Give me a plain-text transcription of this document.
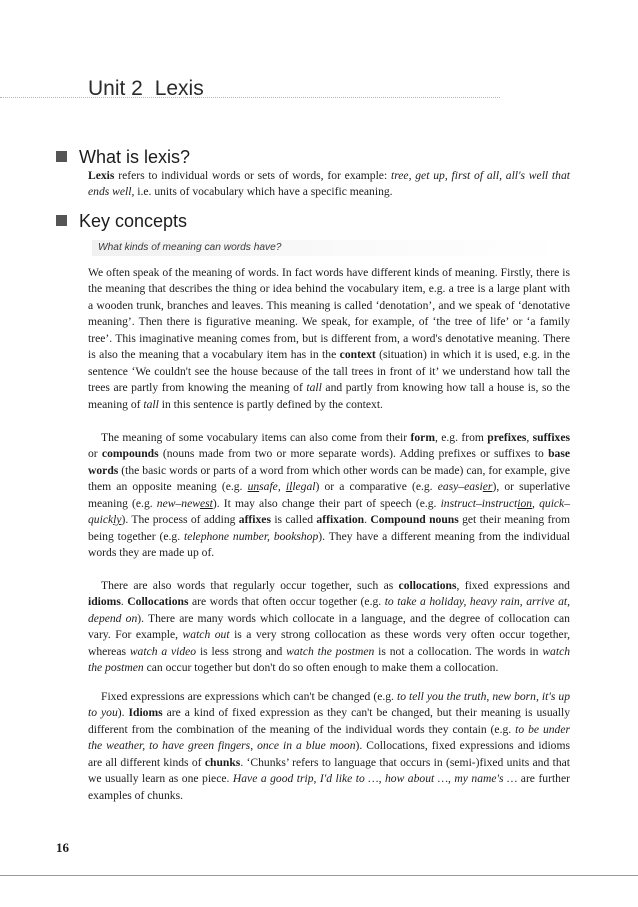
Unit 2 Lexis
What is lexis?

Lexis refers to individual words or sets of words, for example: tree, get up, first of all, all's well that ends well, i.e. units of vocabulary which have a specific meaning.

Key concepts
What kinds of meaning can words have?

We often speak of the meaning of words. In fact words have different kinds of meaning. Firstly, there is the meaning that describes the thing or idea behind the vocabulary item, e.g. a tree is a large plant with a wooden trunk, branches and leaves. This meaning is called ‘denotation’, and we speak of ‘denotative meaning’. Then there is figurative meaning. We speak, for example, of ‘the tree of life’ or ‘a family tree’. This imaginative meaning comes from, but is different from, a word's denotative meaning. There is also the meaning that a vocabulary item has in the context (situation) in which it is used, e.g. in the sentence ‘We couldn't see the house because of the tall trees in front of it’ we understand how tall the trees are partly from knowing the meaning of tall and partly from knowing how tall a house is, so the meaning of tall in this sentence is partly defined by the context.

The meaning of some vocabulary items can also come from their form, e.g. from prefixes, suffixes or compounds (nouns made from two or more separate words). Adding prefixes or suffixes to base words (the basic words or parts of a word from which other words can be made) can, for example, give them an opposite meaning (e.g. unsafe, illegal) or a comparative (e.g. easy–easier), or superlative meaning (e.g. new–newest). It may also change their part of speech (e.g. instruct–instruction, quick–quickly). The process of adding affixes is called affixation. Compound nouns get their meaning from being together (e.g. telephone number, bookshop). They have a different meaning from the individual words they are made up of.

There are also words that regularly occur together, such as collocations, fixed expressions and idioms. Collocations are words that often occur together (e.g. to take a holiday, heavy rain, arrive at, depend on). There are many words which collocate in a language, and the degree of collocation can vary. For example, watch out is a very strong collocation as these words very often occur together, whereas watch a video is less strong and watch the postmen is not a collocation. The words in watch the postmen can occur together but don't do so often enough to make them a collocation.

Fixed expressions are expressions which can't be changed (e.g. to tell you the truth, new born, it's up to you). Idioms are a kind of fixed expression as they can't be changed, but their meaning is usually different from the combination of the meaning of the individual words they contain (e.g. to be under the weather, to have green fingers, once in a blue moon). Collocations, fixed expressions and idioms are all different kinds of chunks. ‘Chunks’ refers to language that occurs in (semi-)fixed units and that we usually learn as one piece. Have a good trip, I'd like to …, how about …, my name's … are further examples of chunks.

16
